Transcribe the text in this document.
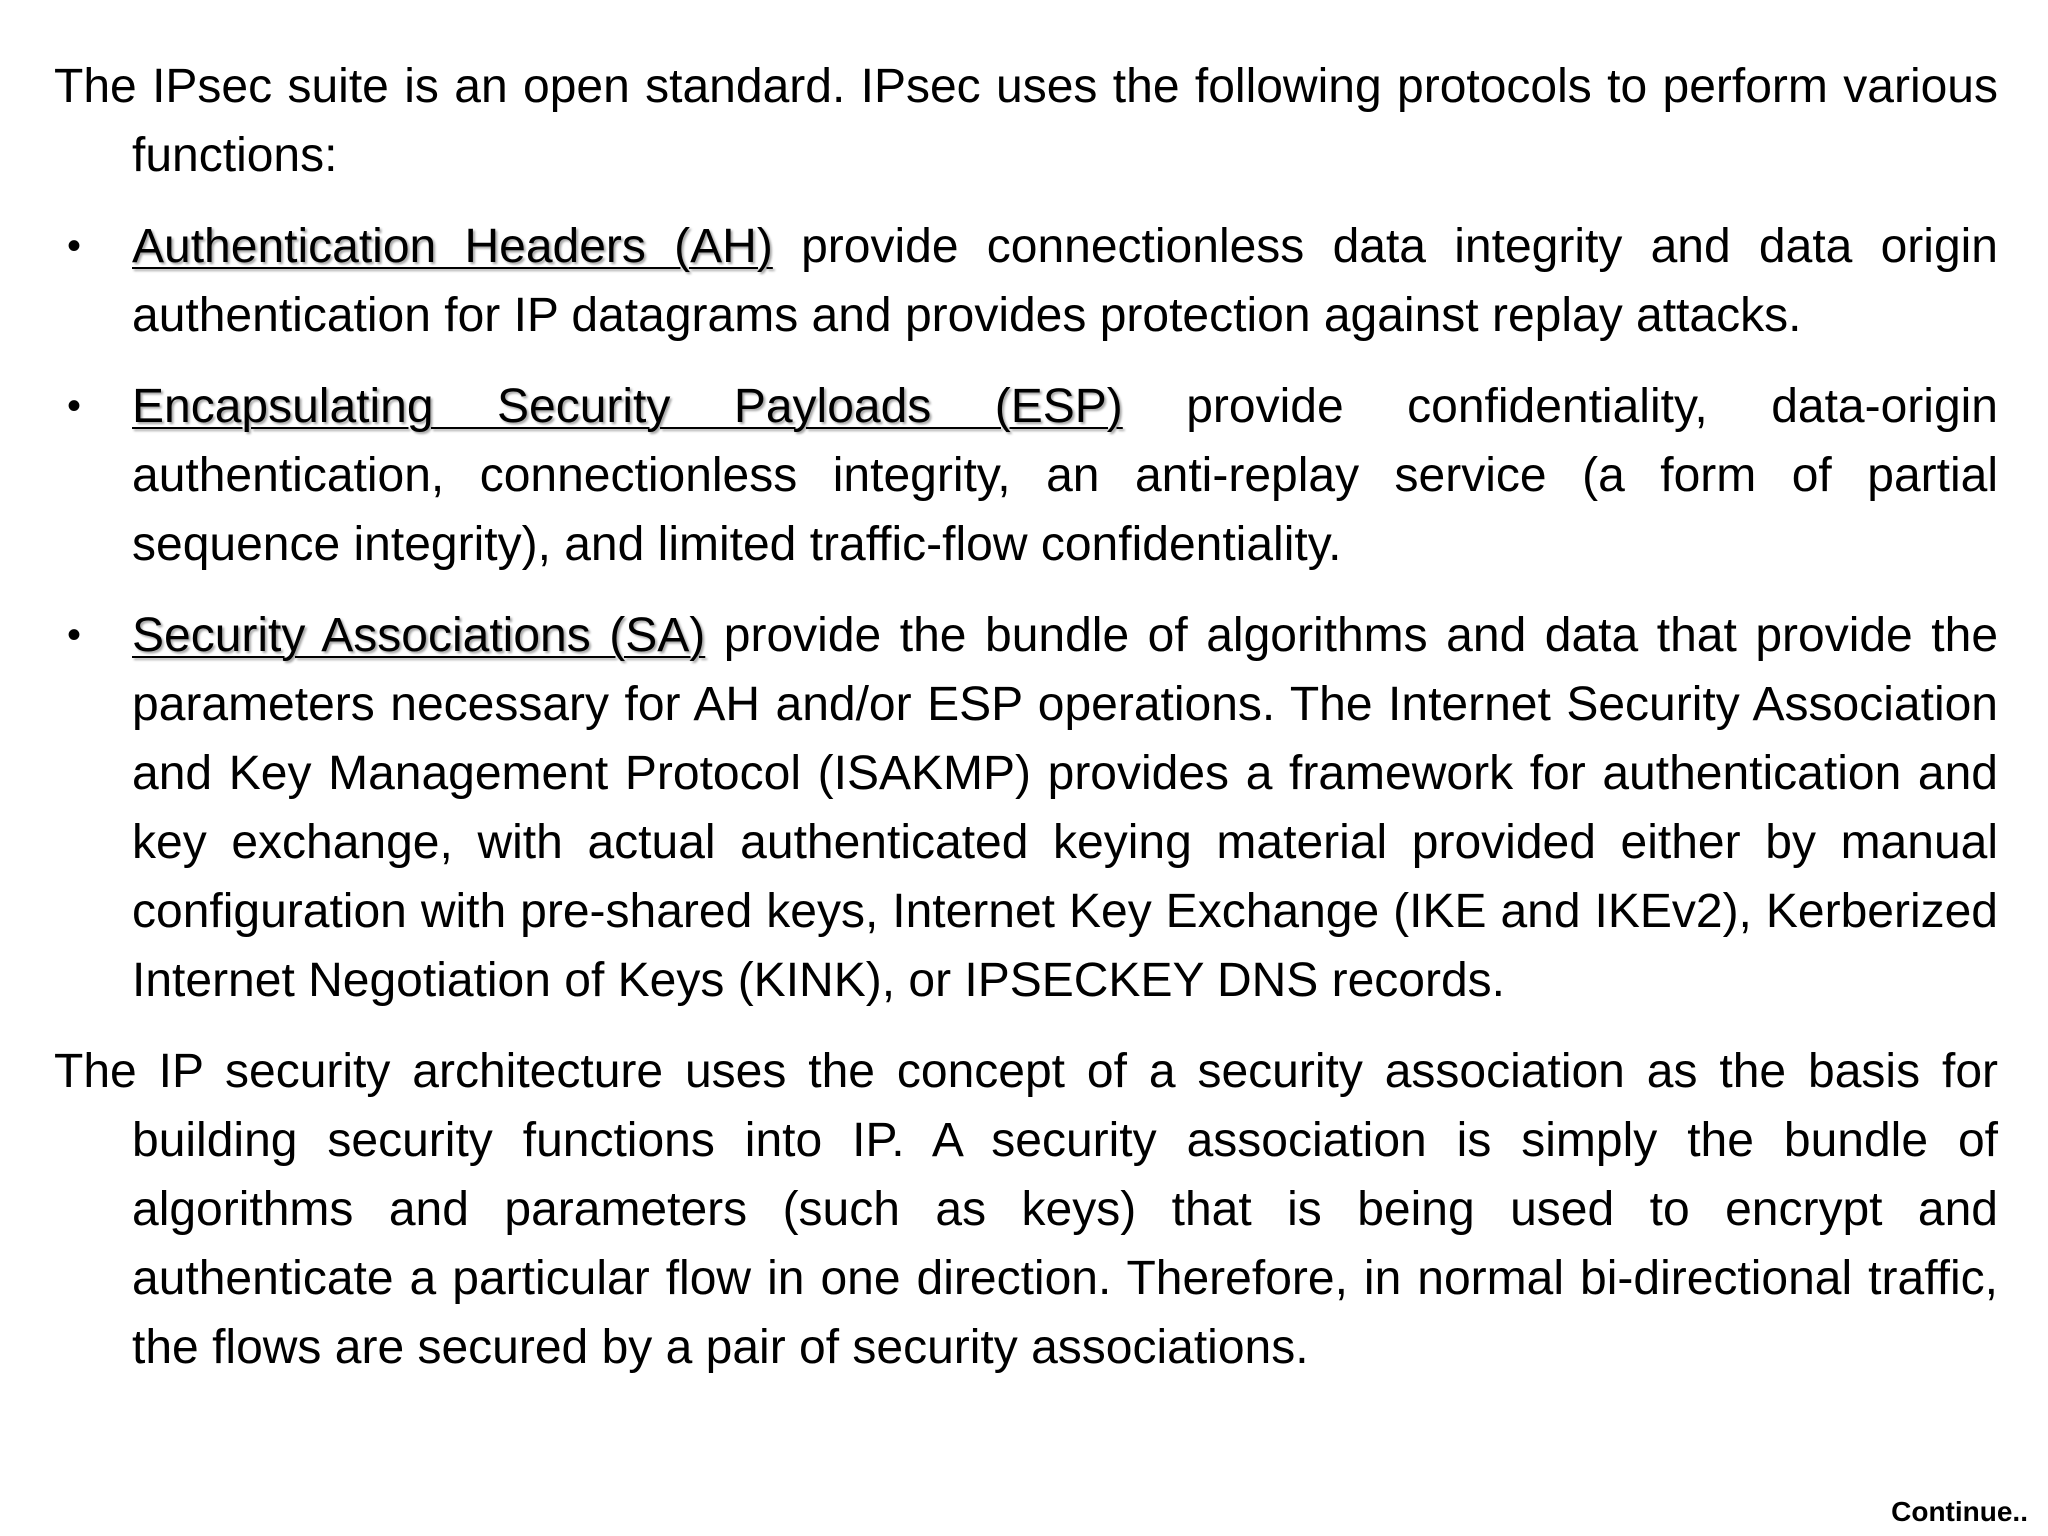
The IPsec suite is an open standard. IPsec uses the following protocols to perform various functions:

• Authentication Headers (AH) provide connectionless data integrity and data origin authentication for IP datagrams and provides protection against replay attacks.
• Encapsulating Security Payloads (ESP) provide confidentiality, data-origin authentication, connectionless integrity, an anti-replay service (a form of partial sequence integrity), and limited traffic-flow confidentiality.
• Security Associations (SA) provide the bundle of algorithms and data that provide the parameters necessary for AH and/or ESP operations. The Internet Security Association and Key Management Protocol (ISAKMP) provides a framework for authentication and key exchange, with actual authenticated keying material provided either by manual configuration with pre-shared keys, Internet Key Exchange (IKE and IKEv2), Kerberized Internet Negotiation of Keys (KINK), or IPSECKEY DNS records.

The IP security architecture uses the concept of a security association as the basis for building security functions into IP. A security association is simply the bundle of algorithms and parameters (such as keys) that is being used to encrypt and authenticate a particular flow in one direction. Therefore, in normal bi-directional traffic, the flows are secured by a pair of security associations.

Continue..
